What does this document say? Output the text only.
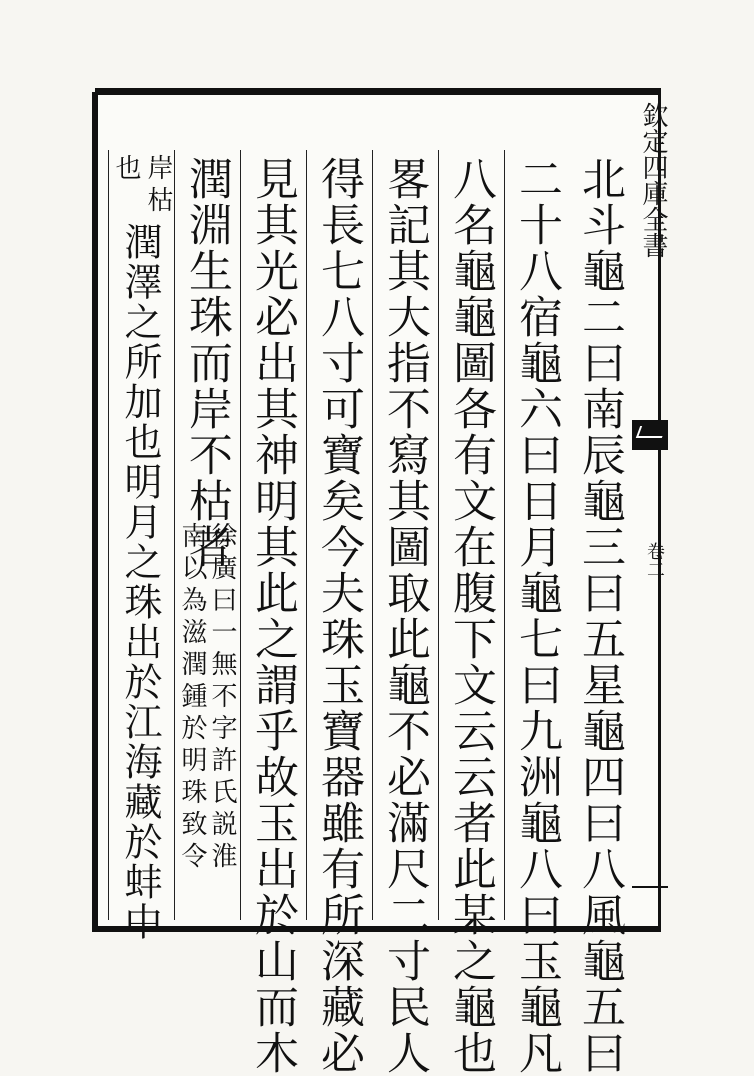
欽定四庫全書
卷二
北斗龜二曰南辰龜三曰五星龜四曰八風龜五曰
二十八宿龜六曰日月龜七曰九洲龜八曰玉龜凡
八名龜龜圖各有文在腹下文云云者此某之龜也
畧記其大指不寫其圖取此龜不必滿尺二寸民人
得長七八寸可寶矣今夫珠玉寶器雖有所深藏必
見其光必出其神明其此之謂乎故玉出於山而木
潤淵生珠而岸不枯者
徐廣曰一無不字許氏説淮
南以為滋潤鍾於明珠致令
岸枯
也
潤澤之所加也明月之珠出於江海藏於蚌中
